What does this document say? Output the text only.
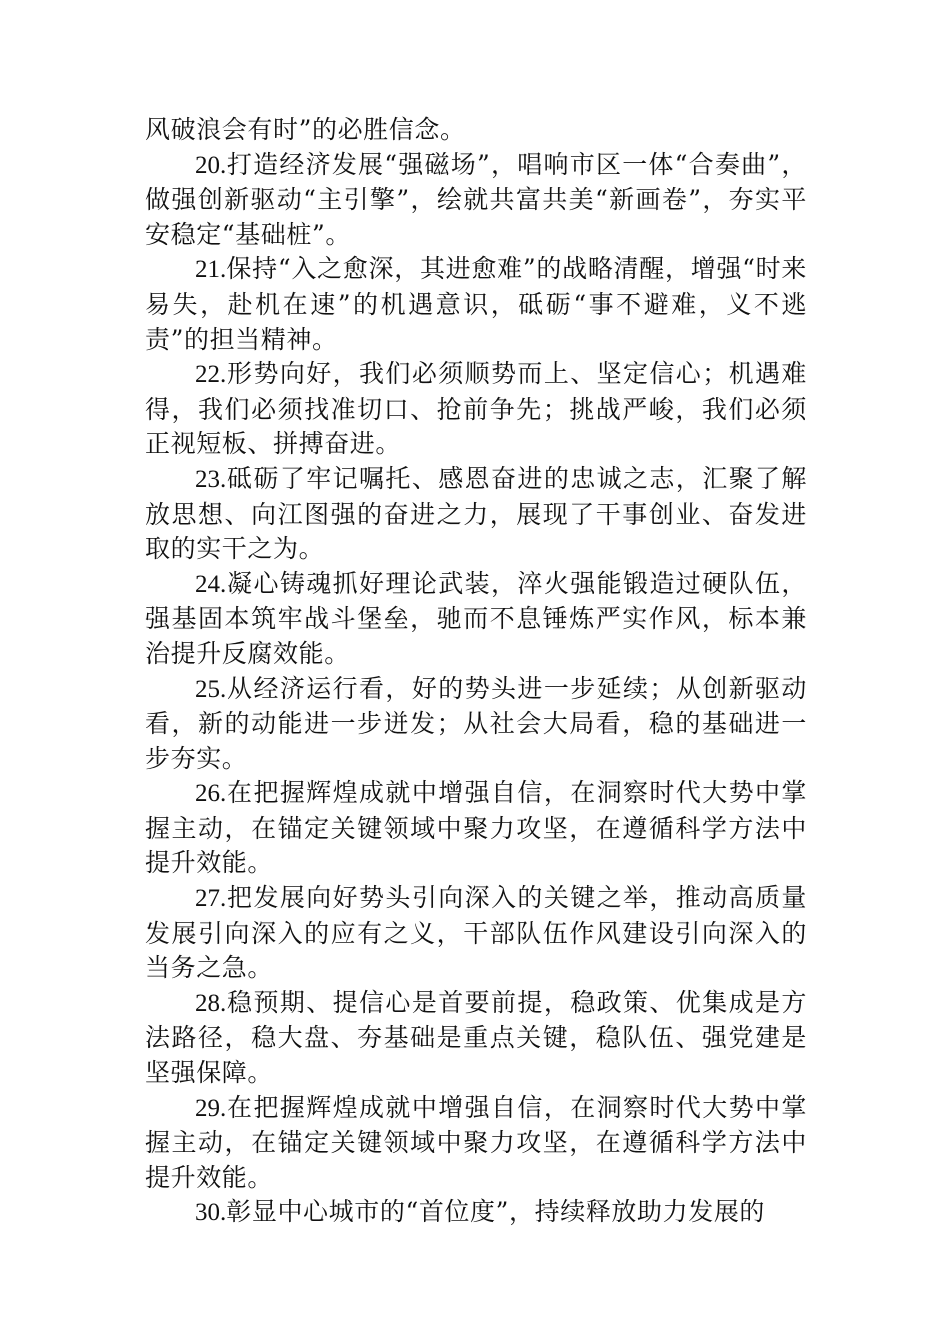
风破浪会有时”的必胜信念。

20.打造经济发展“强磁场”，唱响市区一体“合奏曲”，做强创新驱动“主引擎”，绘就共富共美“新画卷”，夯实平安稳定“基础桩”。

21.保持“入之愈深，其进愈难”的战略清醒，增强“时来易失，赴机在速”的机遇意识，砥砺“事不避难，义不逃责”的担当精神。

22.形势向好，我们必须顺势而上、坚定信心；机遇难得，我们必须找准切口、抢前争先；挑战严峻，我们必须正视短板、拼搏奋进。

23.砥砺了牢记嘱托、感恩奋进的忠诚之志，汇聚了解放思想、向江图强的奋进之力，展现了干事创业、奋发进取的实干之为。

24.凝心铸魂抓好理论武装，淬火强能锻造过硬队伍，强基固本筑牢战斗堡垒，驰而不息锤炼严实作风，标本兼治提升反腐效能。

25.从经济运行看，好的势头进一步延续；从创新驱动看，新的动能进一步迸发；从社会大局看，稳的基础进一步夯实。

26.在把握辉煌成就中增强自信，在洞察时代大势中掌握主动，在锚定关键领域中聚力攻坚，在遵循科学方法中提升效能。

27.把发展向好势头引向深入的关键之举，推动高质量发展引向深入的应有之义，干部队伍作风建设引向深入的当务之急。

28.稳预期、提信心是首要前提，稳政策、优集成是方法路径，稳大盘、夯基础是重点关键，稳队伍、强党建是坚强保障。

29.在把握辉煌成就中增强自信，在洞察时代大势中掌握主动，在锚定关键领域中聚力攻坚，在遵循科学方法中提升效能。

30.彰显中心城市的“首位度”，持续释放助力发展的
